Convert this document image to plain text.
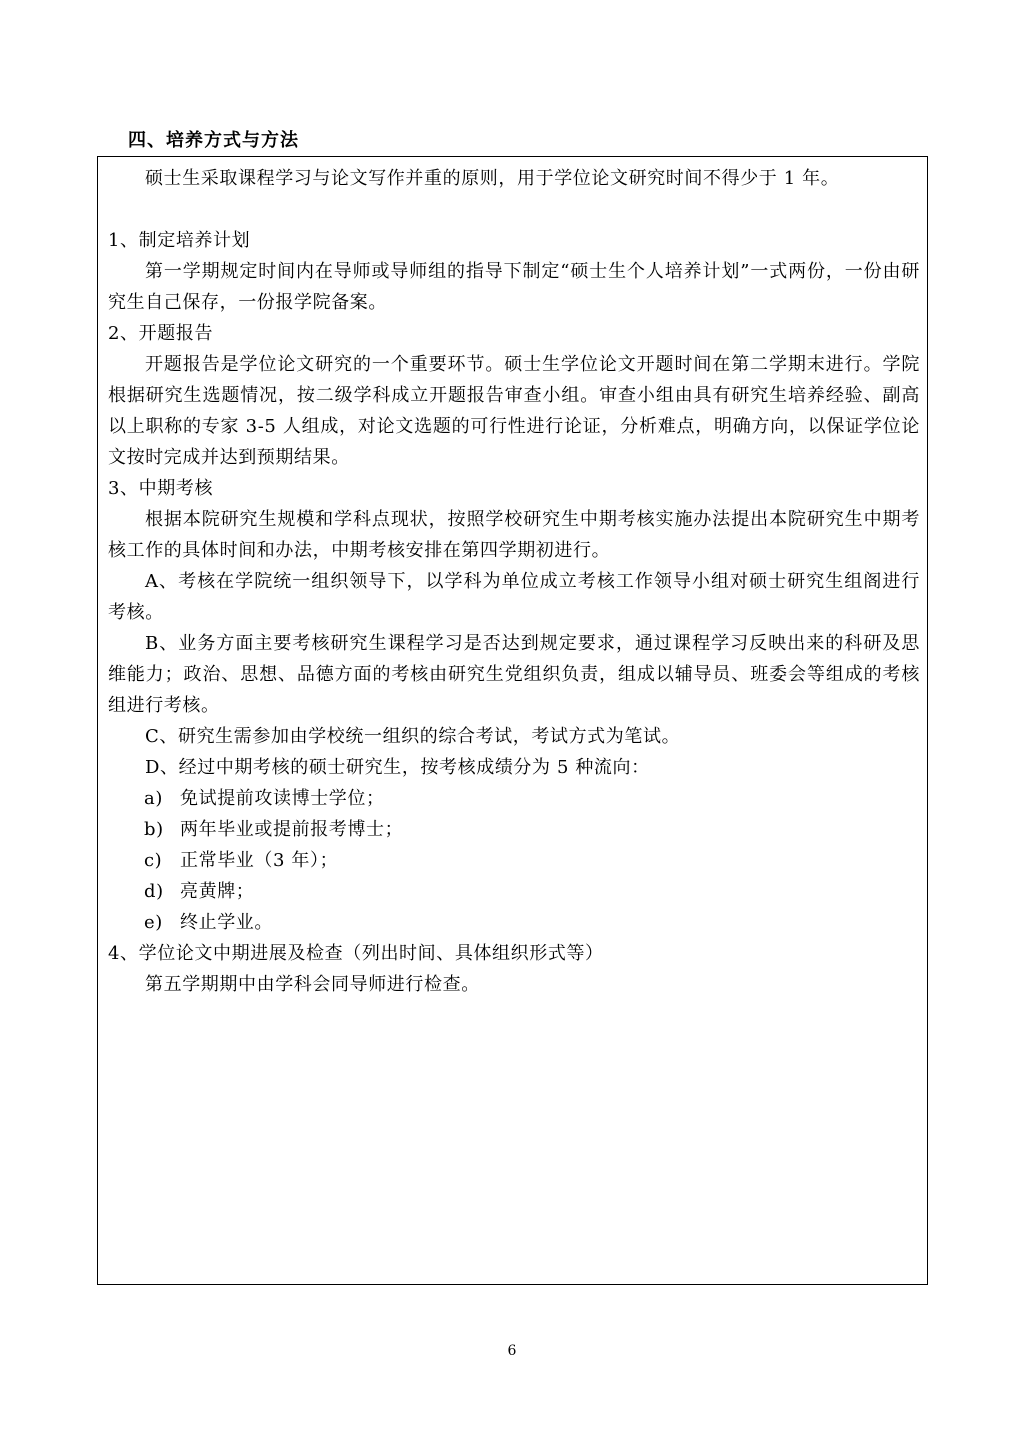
四、培养方式与方法

硕士生采取课程学习与论文写作并重的原则，用于学位论文研究时间不得少于 1 年。

1、制定培养计划

第一学期规定时间内在导师或导师组的指导下制定“硕士生个人培养计划”一式两份，一份由研究生自己保存，一份报学院备案。

2、开题报告

开题报告是学位论文研究的一个重要环节。硕士生学位论文开题时间在第二学期末进行。学院根据研究生选题情况，按二级学科成立开题报告审查小组。审查小组由具有研究生培养经验、副高以上职称的专家 3-5 人组成，对论文选题的可行性进行论证，分析难点，明确方向，以保证学位论文按时完成并达到预期结果。

3、中期考核

根据本院研究生规模和学科点现状，按照学校研究生中期考核实施办法提出本院研究生中期考核工作的具体时间和办法，中期考核安排在第四学期初进行。

A、考核在学院统一组织领导下，以学科为单位成立考核工作领导小组对硕士研究生组阁进行考核。

B、业务方面主要考核研究生课程学习是否达到规定要求，通过课程学习反映出来的科研及思维能力；政治、思想、品德方面的考核由研究生党组织负责，组成以辅导员、班委会等组成的考核组进行考核。

C、研究生需参加由学校统一组织的综合考试，考试方式为笔试。

D、经过中期考核的硕士研究生，按考核成绩分为 5 种流向：

a) 免试提前攻读博士学位；

b) 两年毕业或提前报考博士；

c) 正常毕业（3 年）；

d) 亮黄牌；

e) 终止学业。

4、学位论文中期进展及检查（列出时间、具体组织形式等）

第五学期期中由学科会同导师进行检查。

6
